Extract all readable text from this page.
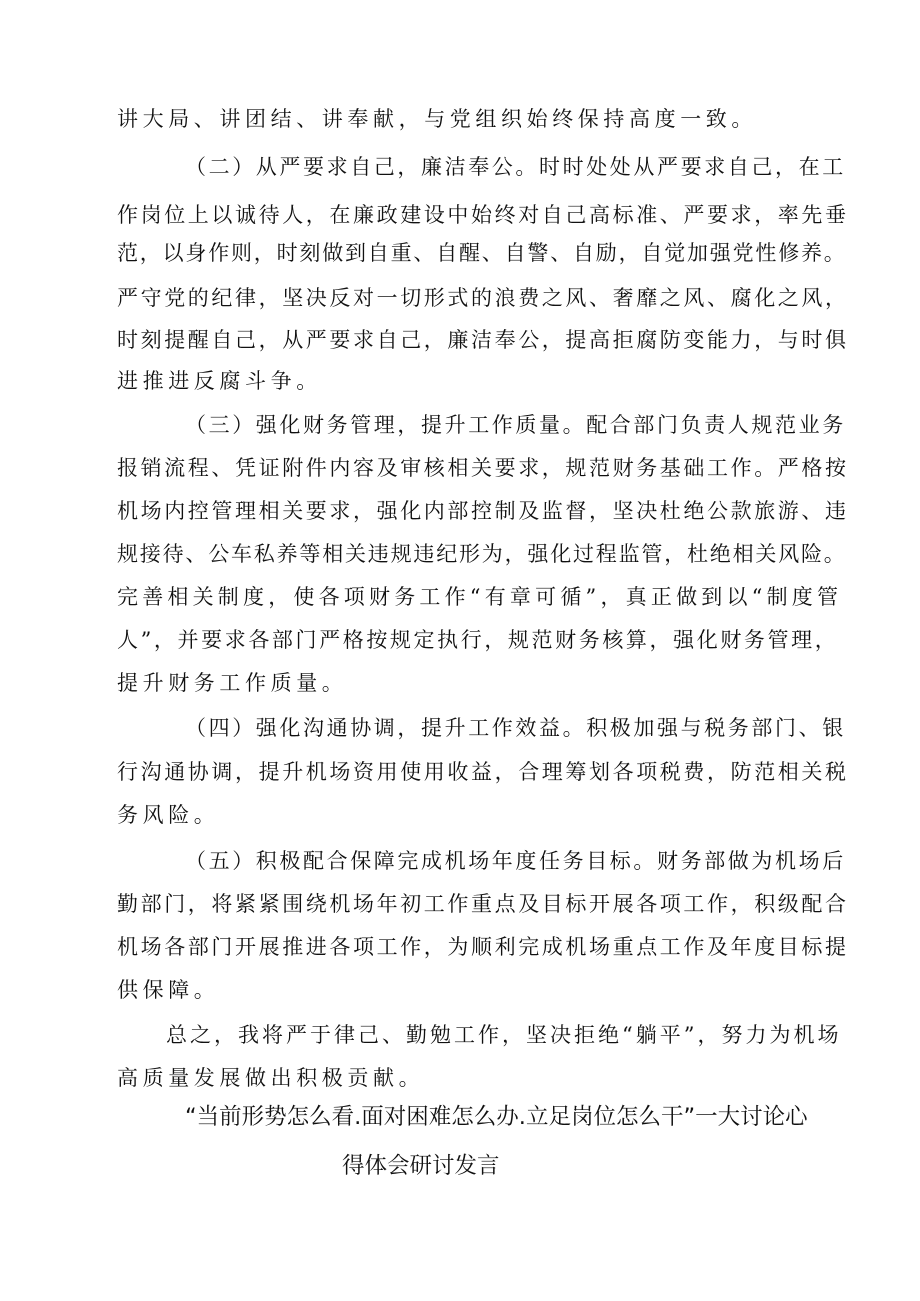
讲大局、讲团结、讲奉献，与党组织始终保持高度一致。
（二）从严要求自己，廉洁奉公。时时处处从严要求自己，在工
作岗位上以诚待人，在廉政建设中始终对自己高标准、严要求，率先垂
范，以身作则，时刻做到自重、自醒、自警、自励，自觉加强党性修养。
严守党的纪律，坚决反对一切形式的浪费之风、奢靡之风、腐化之风，
时刻提醒自己，从严要求自己，廉洁奉公，提高拒腐防变能力，与时俱
进推进反腐斗争。
（三）强化财务管理，提升工作质量。配合部门负责人规范业务
报销流程、凭证附件内容及审核相关要求，规范财务基础工作。严格按
机场内控管理相关要求，强化内部控制及监督，坚决杜绝公款旅游、违
规接待、公车私养等相关违规违纪形为，强化过程监管，杜绝相关风险。
完善相关制度，使各项财务工作“有章可循”，真正做到以“制度管
人”，并要求各部门严格按规定执行，规范财务核算，强化财务管理，
提升财务工作质量。
（四）强化沟通协调，提升工作效益。积极加强与税务部门、银
行沟通协调，提升机场资用使用收益，合理筹划各项税费，防范相关税
务风险。
（五）积极配合保障完成机场年度任务目标。财务部做为机场后
勤部门，将紧紧围绕机场年初工作重点及目标开展各项工作，积级配合
机场各部门开展推进各项工作，为顺利完成机场重点工作及年度目标提
供保障。
总之，我将严于律己、勤勉工作，坚决拒绝“躺平”，努力为机场
高质量发展做出积极贡献。
“当前形势怎么看.面对困难怎么办.立足岗位怎么干”一大讨论心
得体会研讨发言
